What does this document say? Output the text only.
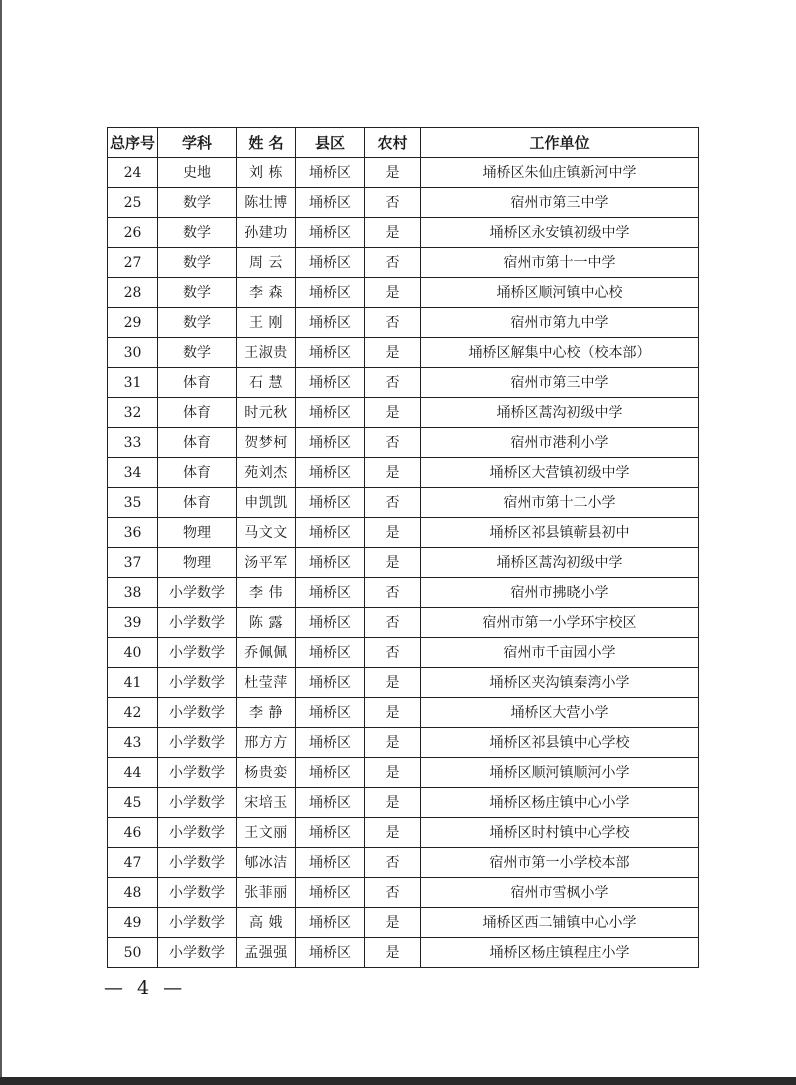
总序号	学科	姓 名	县区	农村	工作单位
24	史地	刘 栋	埇桥区	是	埇桥区朱仙庄镇新河中学
25	数学	陈壮博	埇桥区	否	宿州市第三中学
26	数学	孙建功	埇桥区	是	埇桥区永安镇初级中学
27	数学	周 云	埇桥区	否	宿州市第十一中学
28	数学	李 森	埇桥区	是	埇桥区顺河镇中心校
29	数学	王 刚	埇桥区	否	宿州市第九中学
30	数学	王淑贵	埇桥区	是	埇桥区解集中心校（校本部）
31	体育	石 慧	埇桥区	否	宿州市第三中学
32	体育	时元秋	埇桥区	是	埇桥区蒿沟初级中学
33	体育	贺梦柯	埇桥区	否	宿州市港利小学
34	体育	苑刘杰	埇桥区	是	埇桥区大营镇初级中学
35	体育	申凯凯	埇桥区	否	宿州市第十二小学
36	物理	马文文	埇桥区	是	埇桥区祁县镇蕲县初中
37	物理	汤平军	埇桥区	是	埇桥区蒿沟初级中学
38	小学数学	李 伟	埇桥区	否	宿州市拂晓小学
39	小学数学	陈 露	埇桥区	否	宿州市第一小学环宇校区
40	小学数学	乔佩佩	埇桥区	否	宿州市千亩园小学
41	小学数学	杜莹萍	埇桥区	是	埇桥区夹沟镇秦湾小学
42	小学数学	李 静	埇桥区	是	埇桥区大营小学
43	小学数学	邢方方	埇桥区	是	埇桥区祁县镇中心学校
44	小学数学	杨贵娈	埇桥区	是	埇桥区顺河镇顺河小学
45	小学数学	宋培玉	埇桥区	是	埇桥区杨庄镇中心小学
46	小学数学	王文丽	埇桥区	是	埇桥区时村镇中心学校
47	小学数学	郇冰洁	埇桥区	否	宿州市第一小学校本部
48	小学数学	张菲丽	埇桥区	否	宿州市雪枫小学
49	小学数学	高 娥	埇桥区	是	埇桥区西二铺镇中心小学
50	小学数学	孟强强	埇桥区	是	埇桥区杨庄镇程庄小学
— 4 —
